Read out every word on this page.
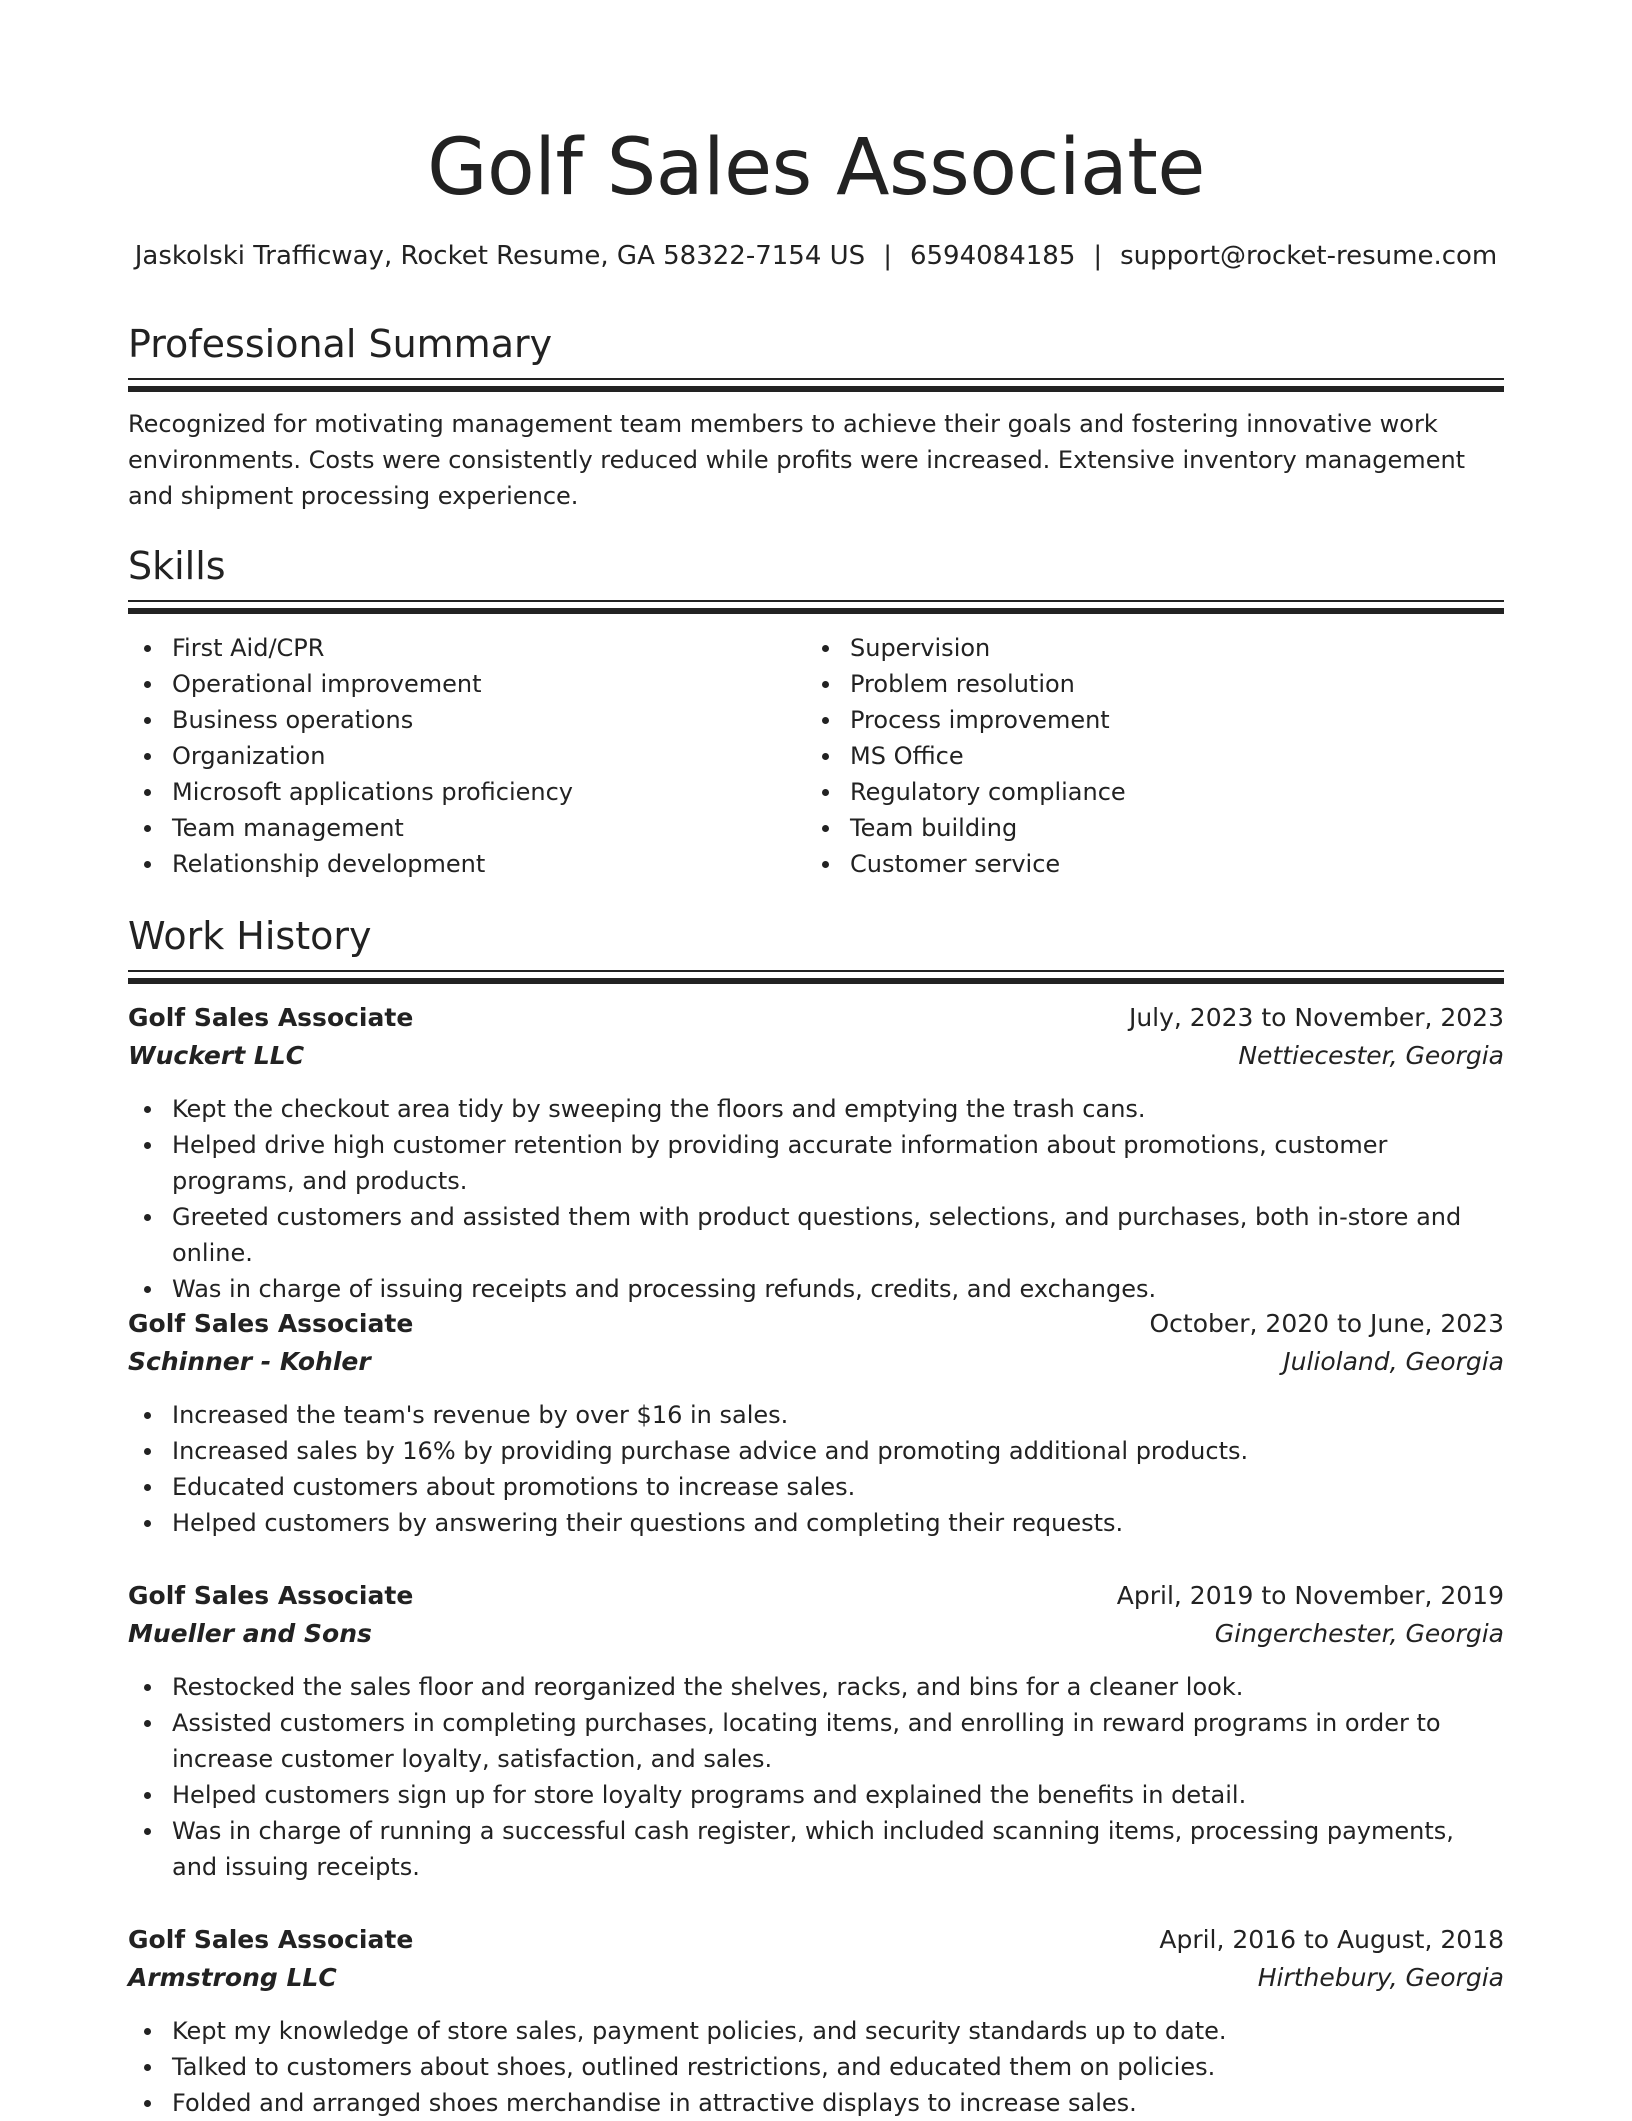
Golf Sales Associate
Jaskolski Trafficway, Rocket Resume, GA 58322-7154 US | 6594084185 | support@rocket-resume.com
Professional Summary
Recognized for motivating management team members to achieve their goals and fostering innovative work environments. Costs were consistently reduced while profits were increased. Extensive inventory management and shipment processing experience.
Skills
First Aid/CPR
Operational improvement
Business operations
Organization
Microsoft applications proficiency
Team management
Relationship development
Supervision
Problem resolution
Process improvement
MS Office
Regulatory compliance
Team building
Customer service
Work History
Golf Sales Associate	July, 2023 to November, 2023
Wuckert LLC	Nettiecester, Georgia
Kept the checkout area tidy by sweeping the floors and emptying the trash cans.
Helped drive high customer retention by providing accurate information about promotions, customer programs, and products.
Greeted customers and assisted them with product questions, selections, and purchases, both in-store and online.
Was in charge of issuing receipts and processing refunds, credits, and exchanges.
Golf Sales Associate	October, 2020 to June, 2023
Schinner - Kohler	Julioland, Georgia
Increased the team's revenue by over $16 in sales.
Increased sales by 16% by providing purchase advice and promoting additional products.
Educated customers about promotions to increase sales.
Helped customers by answering their questions and completing their requests.
Golf Sales Associate	April, 2019 to November, 2019
Mueller and Sons	Gingerchester, Georgia
Restocked the sales floor and reorganized the shelves, racks, and bins for a cleaner look.
Assisted customers in completing purchases, locating items, and enrolling in reward programs in order to increase customer loyalty, satisfaction, and sales.
Helped customers sign up for store loyalty programs and explained the benefits in detail.
Was in charge of running a successful cash register, which included scanning items, processing payments, and issuing receipts.
Golf Sales Associate	April, 2016 to August, 2018
Armstrong LLC	Hirthebury, Georgia
Kept my knowledge of store sales, payment policies, and security standards up to date.
Talked to customers about shoes, outlined restrictions, and educated them on policies.
Folded and arranged shoes merchandise in attractive displays to increase sales.
